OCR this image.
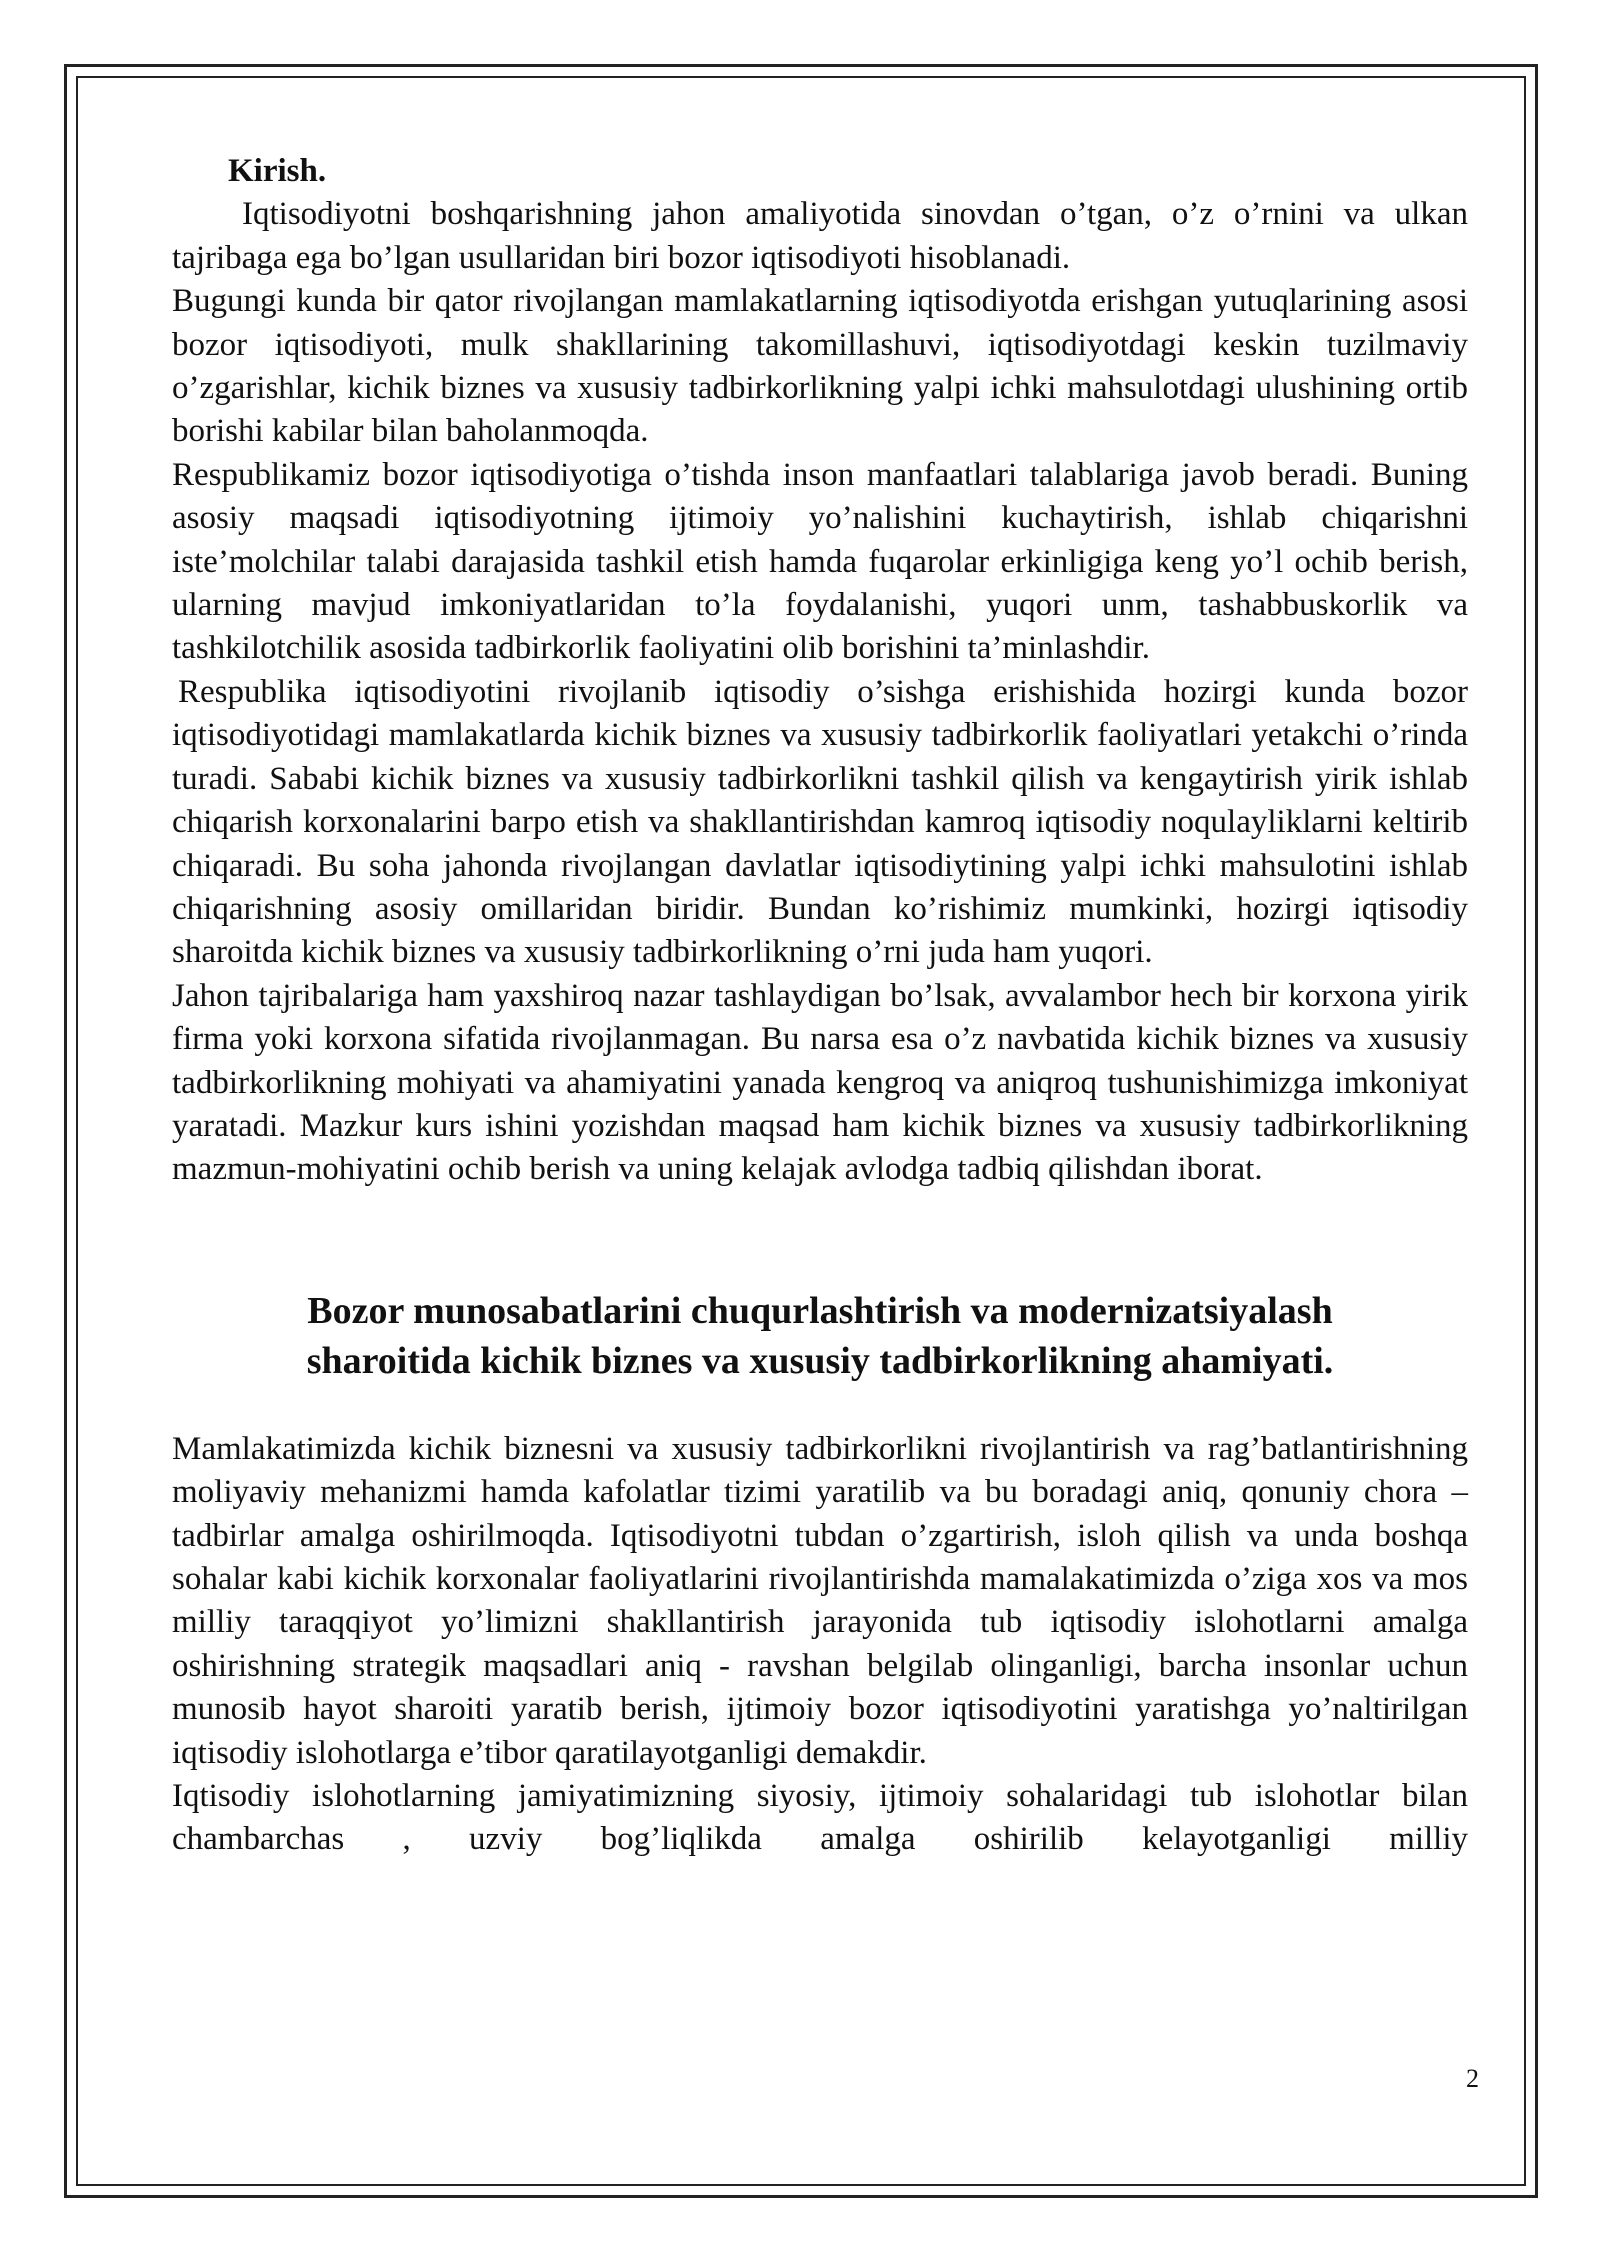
Kirish.

Iqtisodiyotni boshqarishning jahon amaliyotida sinovdan o’tgan, o’z o’rnini va ulkan tajribaga ega bo’lgan usullaridan biri bozor iqtisodiyoti hisoblanadi.

Bugungi kunda bir qator rivojlangan mamlakatlarning iqtisodiyotda erishgan yutuqlarining asosi bozor iqtisodiyoti, mulk shakllarining takomillashuvi, iqtisodiyotdagi keskin tuzilmaviy o’zgarishlar, kichik biznes va xususiy tadbirkorlikning yalpi ichki mahsulotdagi ulushining ortib borishi kabilar bilan baholanmoqda.

Respublikamiz bozor iqtisodiyotiga o’tishda inson manfaatlari talablariga javob beradi. Buning asosiy maqsadi iqtisodiyotning ijtimoiy yo’nalishini kuchaytirish, ishlab chiqarishni iste’molchilar talabi darajasida tashkil etish hamda fuqarolar erkinligiga keng yo’l ochib berish, ularning mavjud imkoniyatlaridan to’la foydalanishi, yuqori unm, tashabbuskorlik va tashkilotchilik asosida tadbirkorlik faoliyatini olib borishini ta’minlashdir.

Respublika iqtisodiyotini rivojlanib iqtisodiy o’sishga erishishida hozirgi kunda bozor iqtisodiyotidagi mamlakatlarda kichik biznes va xususiy tadbirkorlik faoliyatlari yetakchi o’rinda turadi. Sababi kichik biznes va xususiy tadbirkorlikni tashkil qilish va kengaytirish yirik ishlab chiqarish korxonalarini barpo etish va shakllantirishdan kamroq iqtisodiy noqulayliklarni keltirib chiqaradi. Bu soha jahonda rivojlangan davlatlar iqtisodiytining yalpi ichki mahsulotini ishlab chiqarishning asosiy omillaridan biridir. Bundan ko’rishimiz mumkinki, hozirgi iqtisodiy sharoitda kichik biznes va xususiy tadbirkorlikning o’rni juda ham yuqori.

Jahon tajribalariga ham yaxshiroq nazar tashlaydigan bo’lsak, avvalambor hech bir korxona yirik firma yoki korxona sifatida rivojlanmagan. Bu narsa esa o’z navbatida kichik biznes va xususiy tadbirkorlikning mohiyati va ahamiyatini yanada kengroq va aniqroq tushunishimizga imkoniyat yaratadi. Mazkur kurs ishini yozishdan maqsad ham kichik biznes va xususiy tadbirkorlikning mazmun-mohiyatini ochib berish va uning kelajak avlodga tadbiq qilishdan iborat.

Bozor munosabatlarini chuqurlashtirish va modernizatsiyalash
sharoitida kichik biznes va xususiy tadbirkorlikning ahamiyati.

Mamlakatimizda kichik biznesni va xususiy tadbirkorlikni rivojlantirish va rag’batlantirishning moliyaviy mehanizmi hamda kafolatlar tizimi yaratilib va bu boradagi aniq, qonuniy chora – tadbirlar amalga oshirilmoqda. Iqtisodiyotni tubdan o’zgartirish, isloh qilish va unda boshqa sohalar kabi kichik korxonalar faoliyatlarini rivojlantirishda mamalakatimizda o’ziga xos va mos milliy taraqqiyot yo’limizni shakllantirish jarayonida tub iqtisodiy islohotlarni amalga oshirishning strategik maqsadlari aniq - ravshan belgilab olinganligi, barcha insonlar uchun munosib hayot sharoiti yaratib berish, ijtimoiy bozor iqtisodiyotini yaratishga yo’naltirilgan iqtisodiy islohotlarga e’tibor qaratilayotganligi demakdir.

Iqtisodiy islohotlarning jamiyatimizning siyosiy, ijtimoiy sohalaridagi tub islohotlar bilan chambarchas , uzviy bog’liqlikda amalga oshirilib kelayotganligi milliy

2
